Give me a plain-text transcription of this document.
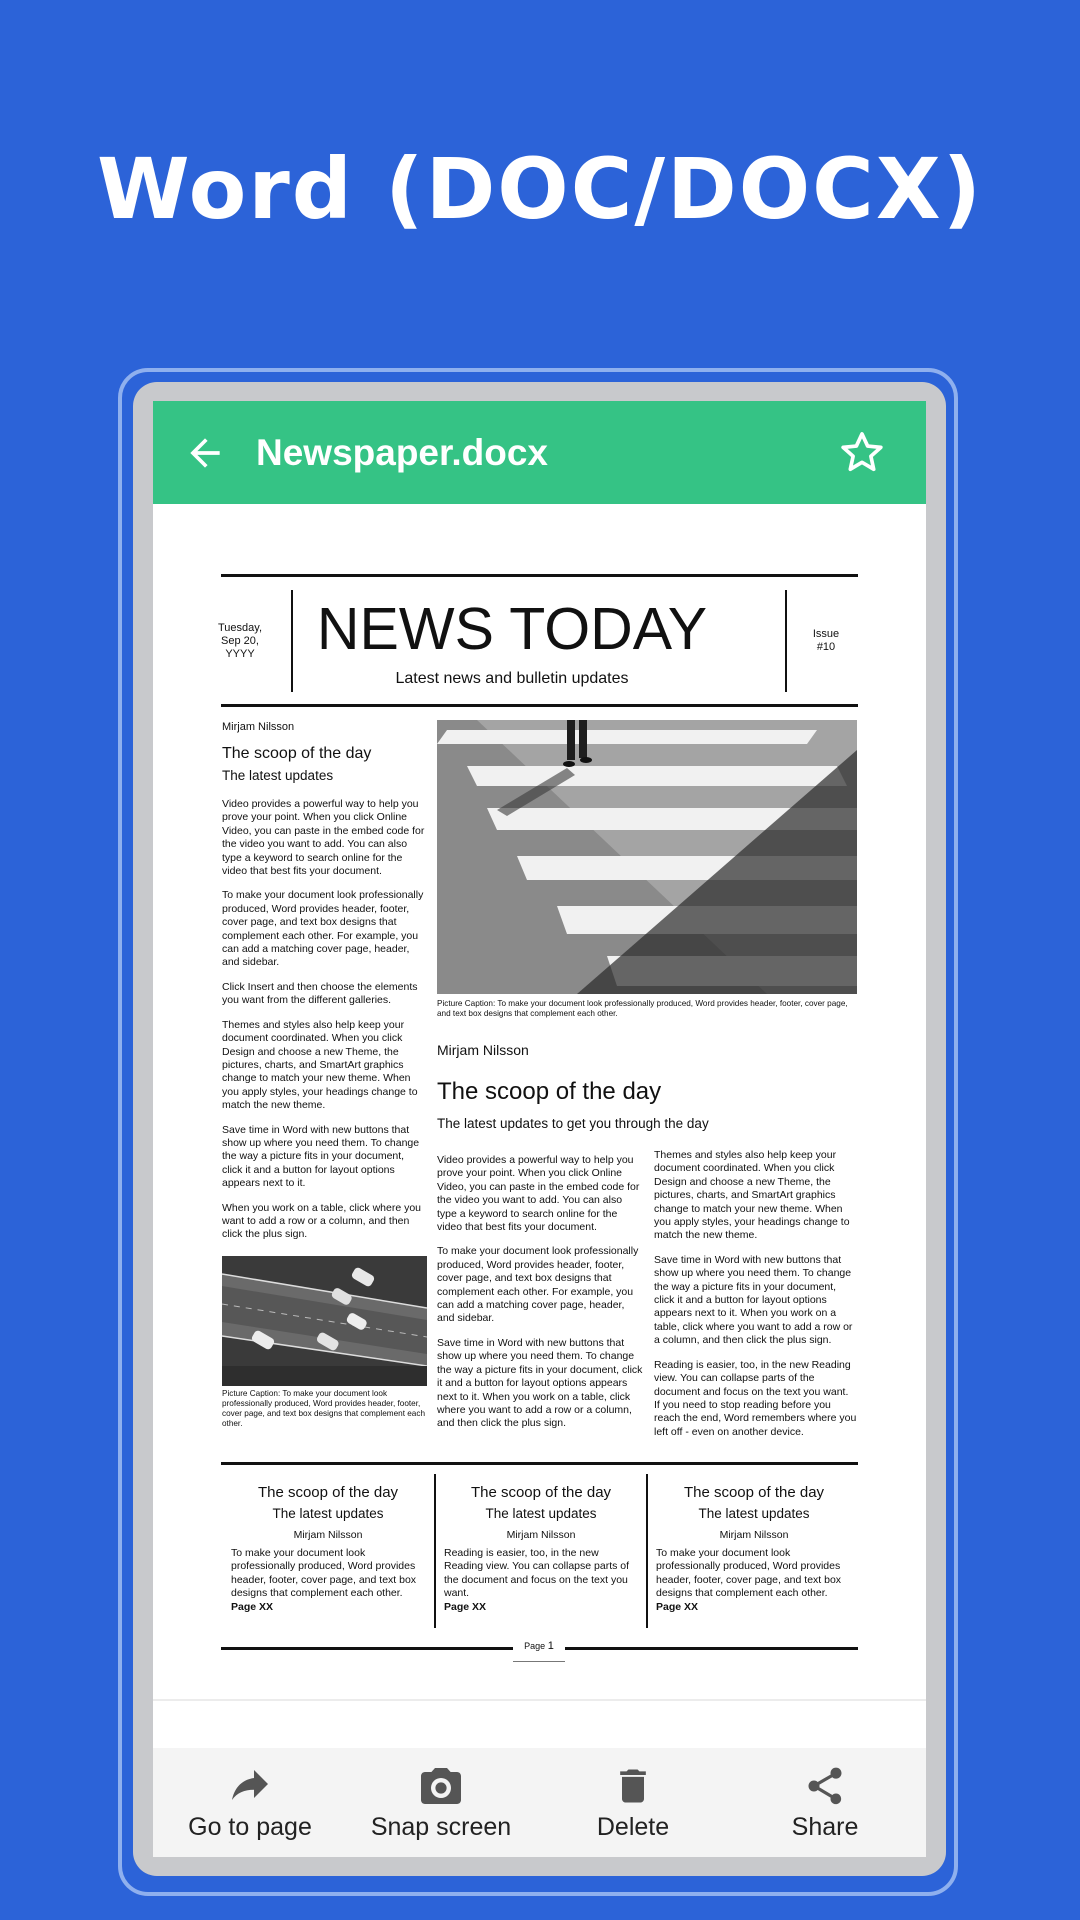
Word (DOC/DOCX)
Newspaper.docx
Tuesday,
Sep 20,
YYYY	NEWS TODAY
Latest news and bulletin updates
Issue
#10
Mirjam Nilsson
The scoop of the day
The latest updates
Video provides a powerful way to help you prove your point. When you click Online Video, you can paste in the embed code for the video you want to add. You can also type a keyword to search online for the video that best fits your document.
To make your document look professionally produced, Word provides header, footer, cover page, and text box designs that complement each other. For example, you can add a matching cover page, header, and sidebar.
Click Insert and then choose the elements you want from the different galleries.
Themes and styles also help keep your document coordinated. When you click Design and choose a new Theme, the pictures, charts, and SmartArt graphics change to match your new theme. When you apply styles, your headings change to match the new theme.
Save time in Word with new buttons that show up where you need them. To change the way a picture fits in your document, click it and a button for layout options appears next to it.
When you work on a table, click where you want to add a row or a column, and then click the plus sign.
Picture Caption: To make your document look professionally produced, Word provides header, footer, cover page, and text box designs that complement each other.
Picture Caption: To make your document look professionally produced, Word provides header, footer, cover page, and text box designs that complement each other.
Mirjam Nilsson
The scoop of the day
The latest updates to get you through the day
Video provides a powerful way to help you prove your point. When you click Online Video, you can paste in the embed code for the video you want to add. You can also type a keyword to search online for the video that best fits your document.
To make your document look professionally produced, Word provides header, footer, cover page, and text box designs that complement each other. For example, you can add a matching cover page, header, and sidebar.
Save time in Word with new buttons that show up where you need them. To change the way a picture fits in your document, click it and a button for layout options appears next to it. When you work on a table, click where you want to add a row or a column, and then click the plus sign.
Themes and styles also help keep your document coordinated. When you click Design and choose a new Theme, the pictures, charts, and SmartArt graphics change to match your new theme. When you apply styles, your headings change to match the new theme.
Save time in Word with new buttons that show up where you need them. To change the way a picture fits in your document, click it and a button for layout options appears next to it. When you work on a table, click where you want to add a row or a column, and then click the plus sign.
Reading is easier, too, in the new Reading view. You can collapse parts of the document and focus on the text you want. If you need to stop reading before you reach the end, Word remembers where you left off - even on another device.
The scoop of the day
The latest updates
Mirjam Nilsson
To make your document look professionally produced, Word provides header, footer, cover page, and text box designs that complement each other.
Page XX
The scoop of the day
The latest updates
Mirjam Nilsson
Reading is easier, too, in the new Reading view. You can collapse parts of the document and focus on the text you want.
Page XX
The scoop of the day
The latest updates
Mirjam Nilsson
To make your document look professionally produced, Word provides header, footer, cover page, and text box designs that complement each other.
Page XX
Page 1
Go to page	Snap screen	Delete	Share
